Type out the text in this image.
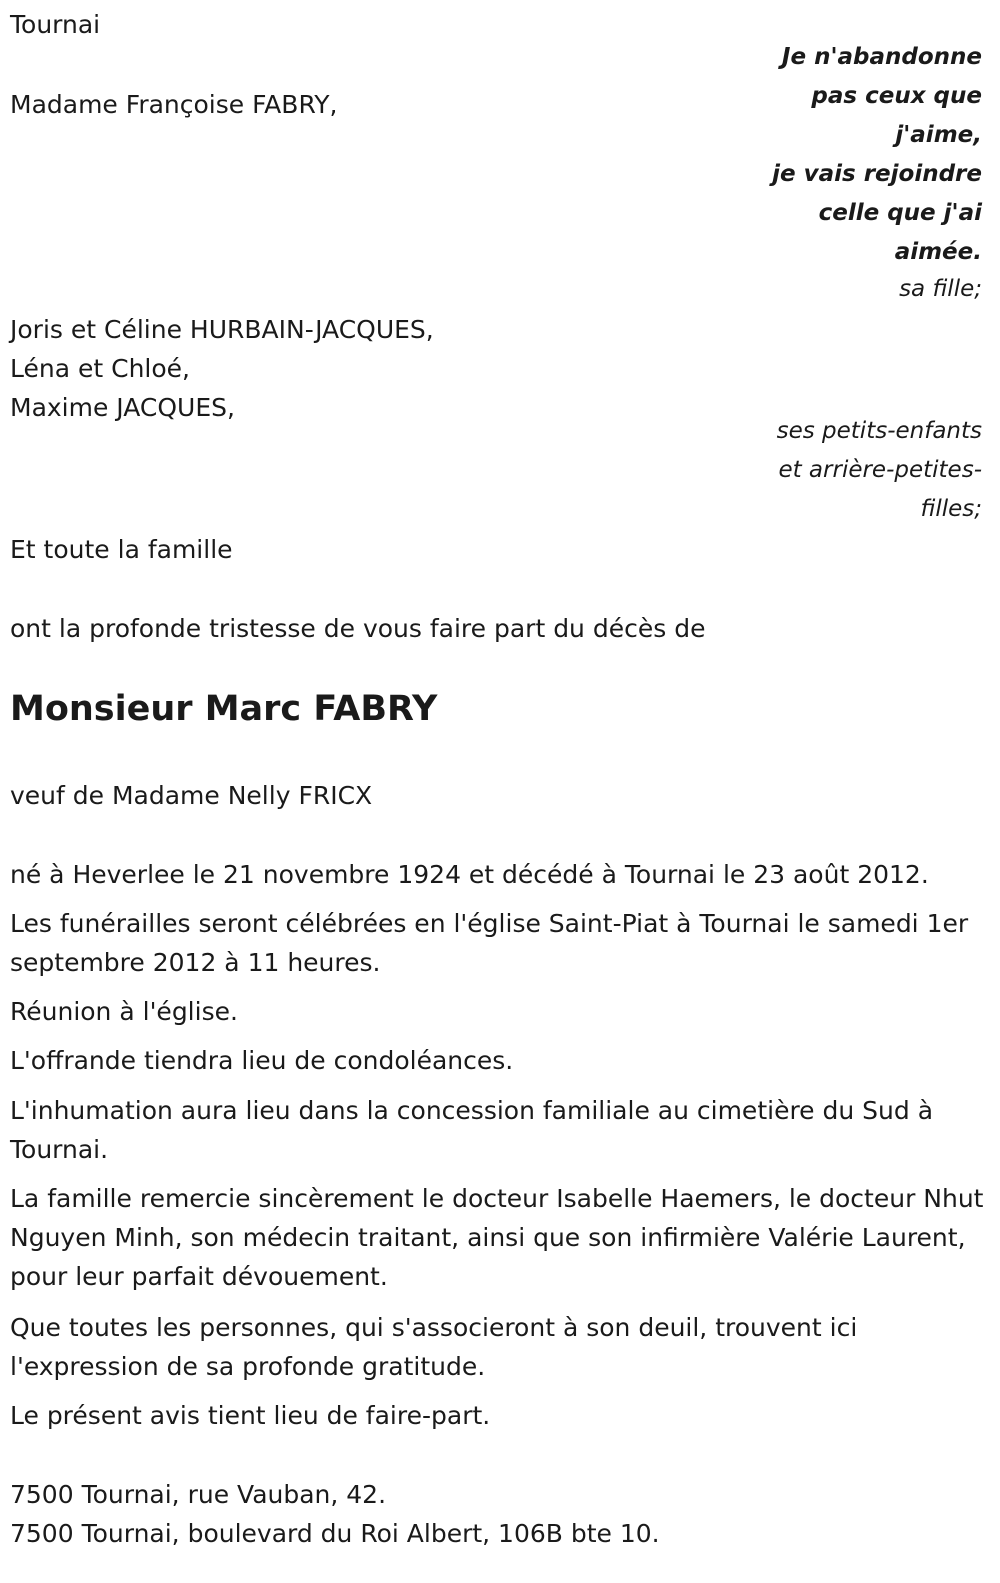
Tournai
Je n'abandonne
pas ceux que
j'aime,
je vais rejoindre
celle que j'ai
aimée.
Madame Françoise FABRY,
sa fille;
Joris et Céline HURBAIN-JACQUES,
Léna et Chloé,
Maxime JACQUES,
ses petits-enfants
et arrière-petites-
filles;
Et toute la famille
ont la profonde tristesse de vous faire part du décès de
Monsieur Marc FABRY
veuf de Madame Nelly FRICX
né à Heverlee le 21 novembre 1924 et décédé à Tournai le 23 août 2012.
Les funérailles seront célébrées en l'église Saint-Piat à Tournai le samedi 1er septembre 2012 à 11 heures.
Réunion à l'église.
L'offrande tiendra lieu de condoléances.
L'inhumation aura lieu dans la concession familiale au cimetière du Sud à Tournai.
La famille remercie sincèrement le docteur Isabelle Haemers, le docteur Nhut Nguyen Minh, son médecin traitant, ainsi que son infirmière Valérie Laurent, pour leur parfait dévouement.
Que toutes les personnes, qui s'associeront à son deuil, trouvent ici l'expression de sa profonde gratitude.
Le présent avis tient lieu de faire-part.
7500 Tournai, rue Vauban, 42.
7500 Tournai, boulevard du Roi Albert, 106B bte 10.
